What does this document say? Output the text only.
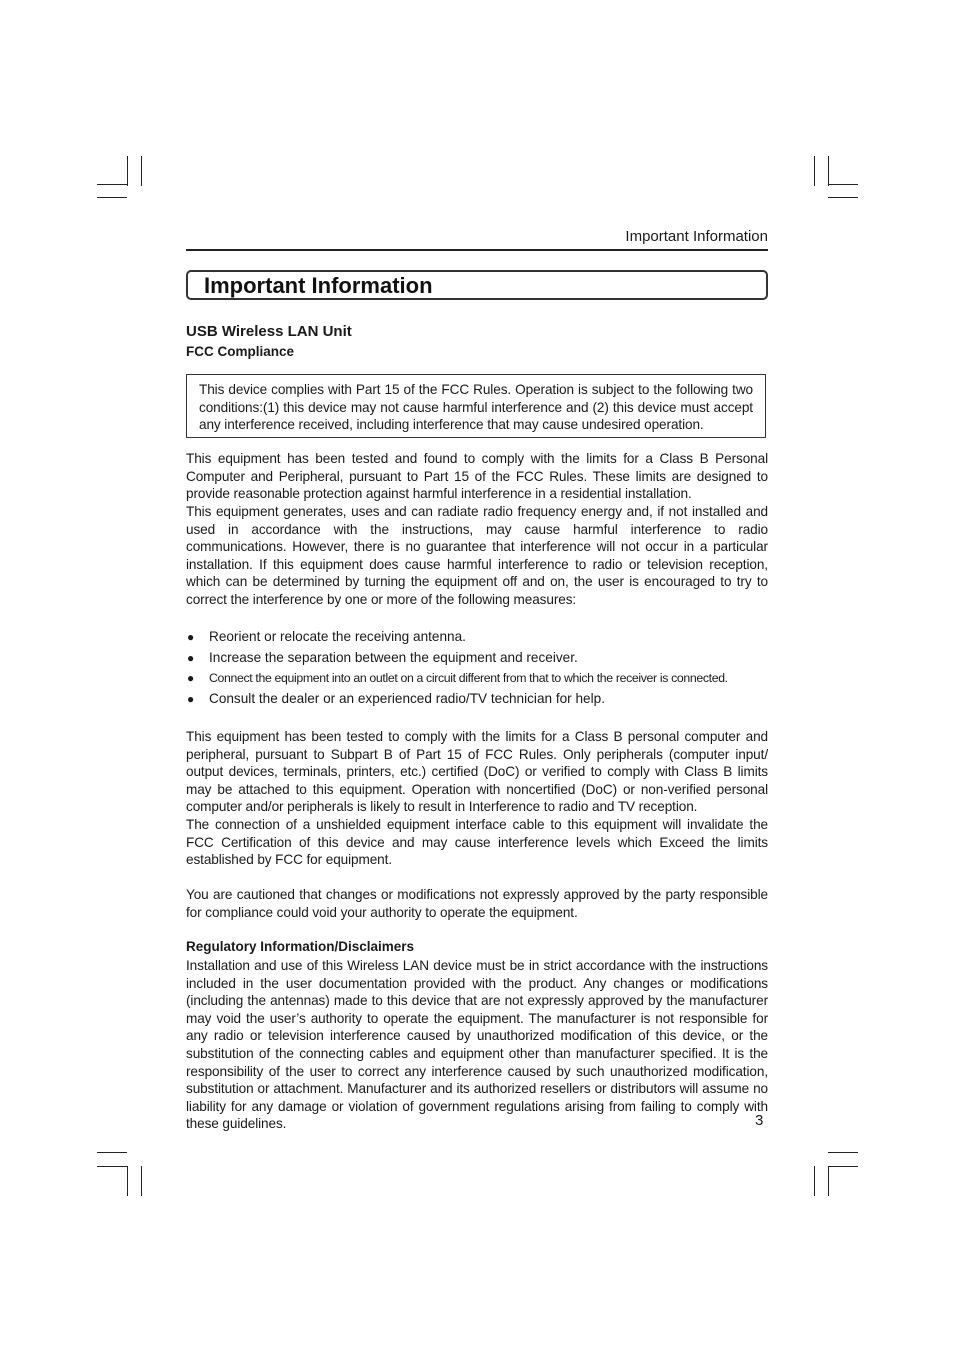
Important Information
Important Information
USB Wireless LAN Unit
FCC Compliance
This device complies with Part 15 of the FCC Rules. Operation is subject to the following two conditions:(1) this device may not cause harmful interference and (2) this device must accept any interference received, including interference that may cause undesired operation.

This equipment has been tested and found to comply with the limits for a Class B Personal Computer and Peripheral, pursuant to Part 15 of the FCC Rules. These limits are designed to provide reasonable protection against harmful interference in a residential installation.

This equipment generates, uses and can radiate radio frequency energy and, if not installed and used in accordance with the instructions, may cause harmful interference to radio communications. However, there is no guarantee that interference will not occur in a particular installation. If this equipment does cause harmful interference to radio or television reception, which can be determined by turning the equipment off and on, the user is encouraged to try to correct the interference by one or more of the following measures:

● Reorient or relocate the receiving antenna.
● Increase the separation between the equipment and receiver.
● Connect the equipment into an outlet on a circuit different from that to which the receiver is connected.
● Consult the dealer or an experienced radio/TV technician for help.

This equipment has been tested to comply with the limits for a Class B personal computer and peripheral, pursuant to Subpart B of Part 15 of FCC Rules. Only peripherals (computer input/ output devices, terminals, printers, etc.) certified (DoC) or verified to comply with Class B limits may be attached to this equipment. Operation with noncertified (DoC) or non-verified personal computer and/or peripherals is likely to result in Interference to radio and TV reception.

The connection of a unshielded equipment interface cable to this equipment will invalidate the FCC Certification of this device and may cause interference levels which Exceed the limits established by FCC for equipment.

You are cautioned that changes or modifications not expressly approved by the party responsible for compliance could void your authority to operate the equipment.

Regulatory Information/Disclaimers

Installation and use of this Wireless LAN device must be in strict accordance with the instructions included in the user documentation provided with the product. Any changes or modifications (including the antennas) made to this device that are not expressly approved by the manufacturer may void the user’s authority to operate the equipment. The manufacturer is not responsible for any radio or television interference caused by unauthorized modification of this device, or the substitution of the connecting cables and equipment other than manufacturer specified. It is the responsibility of the user to correct any interference caused by such unauthorized modification, substitution or attachment. Manufacturer and its authorized resellers or distributors will assume no liability for any damage or violation of government regulations arising from failing to comply with these guidelines.	3
